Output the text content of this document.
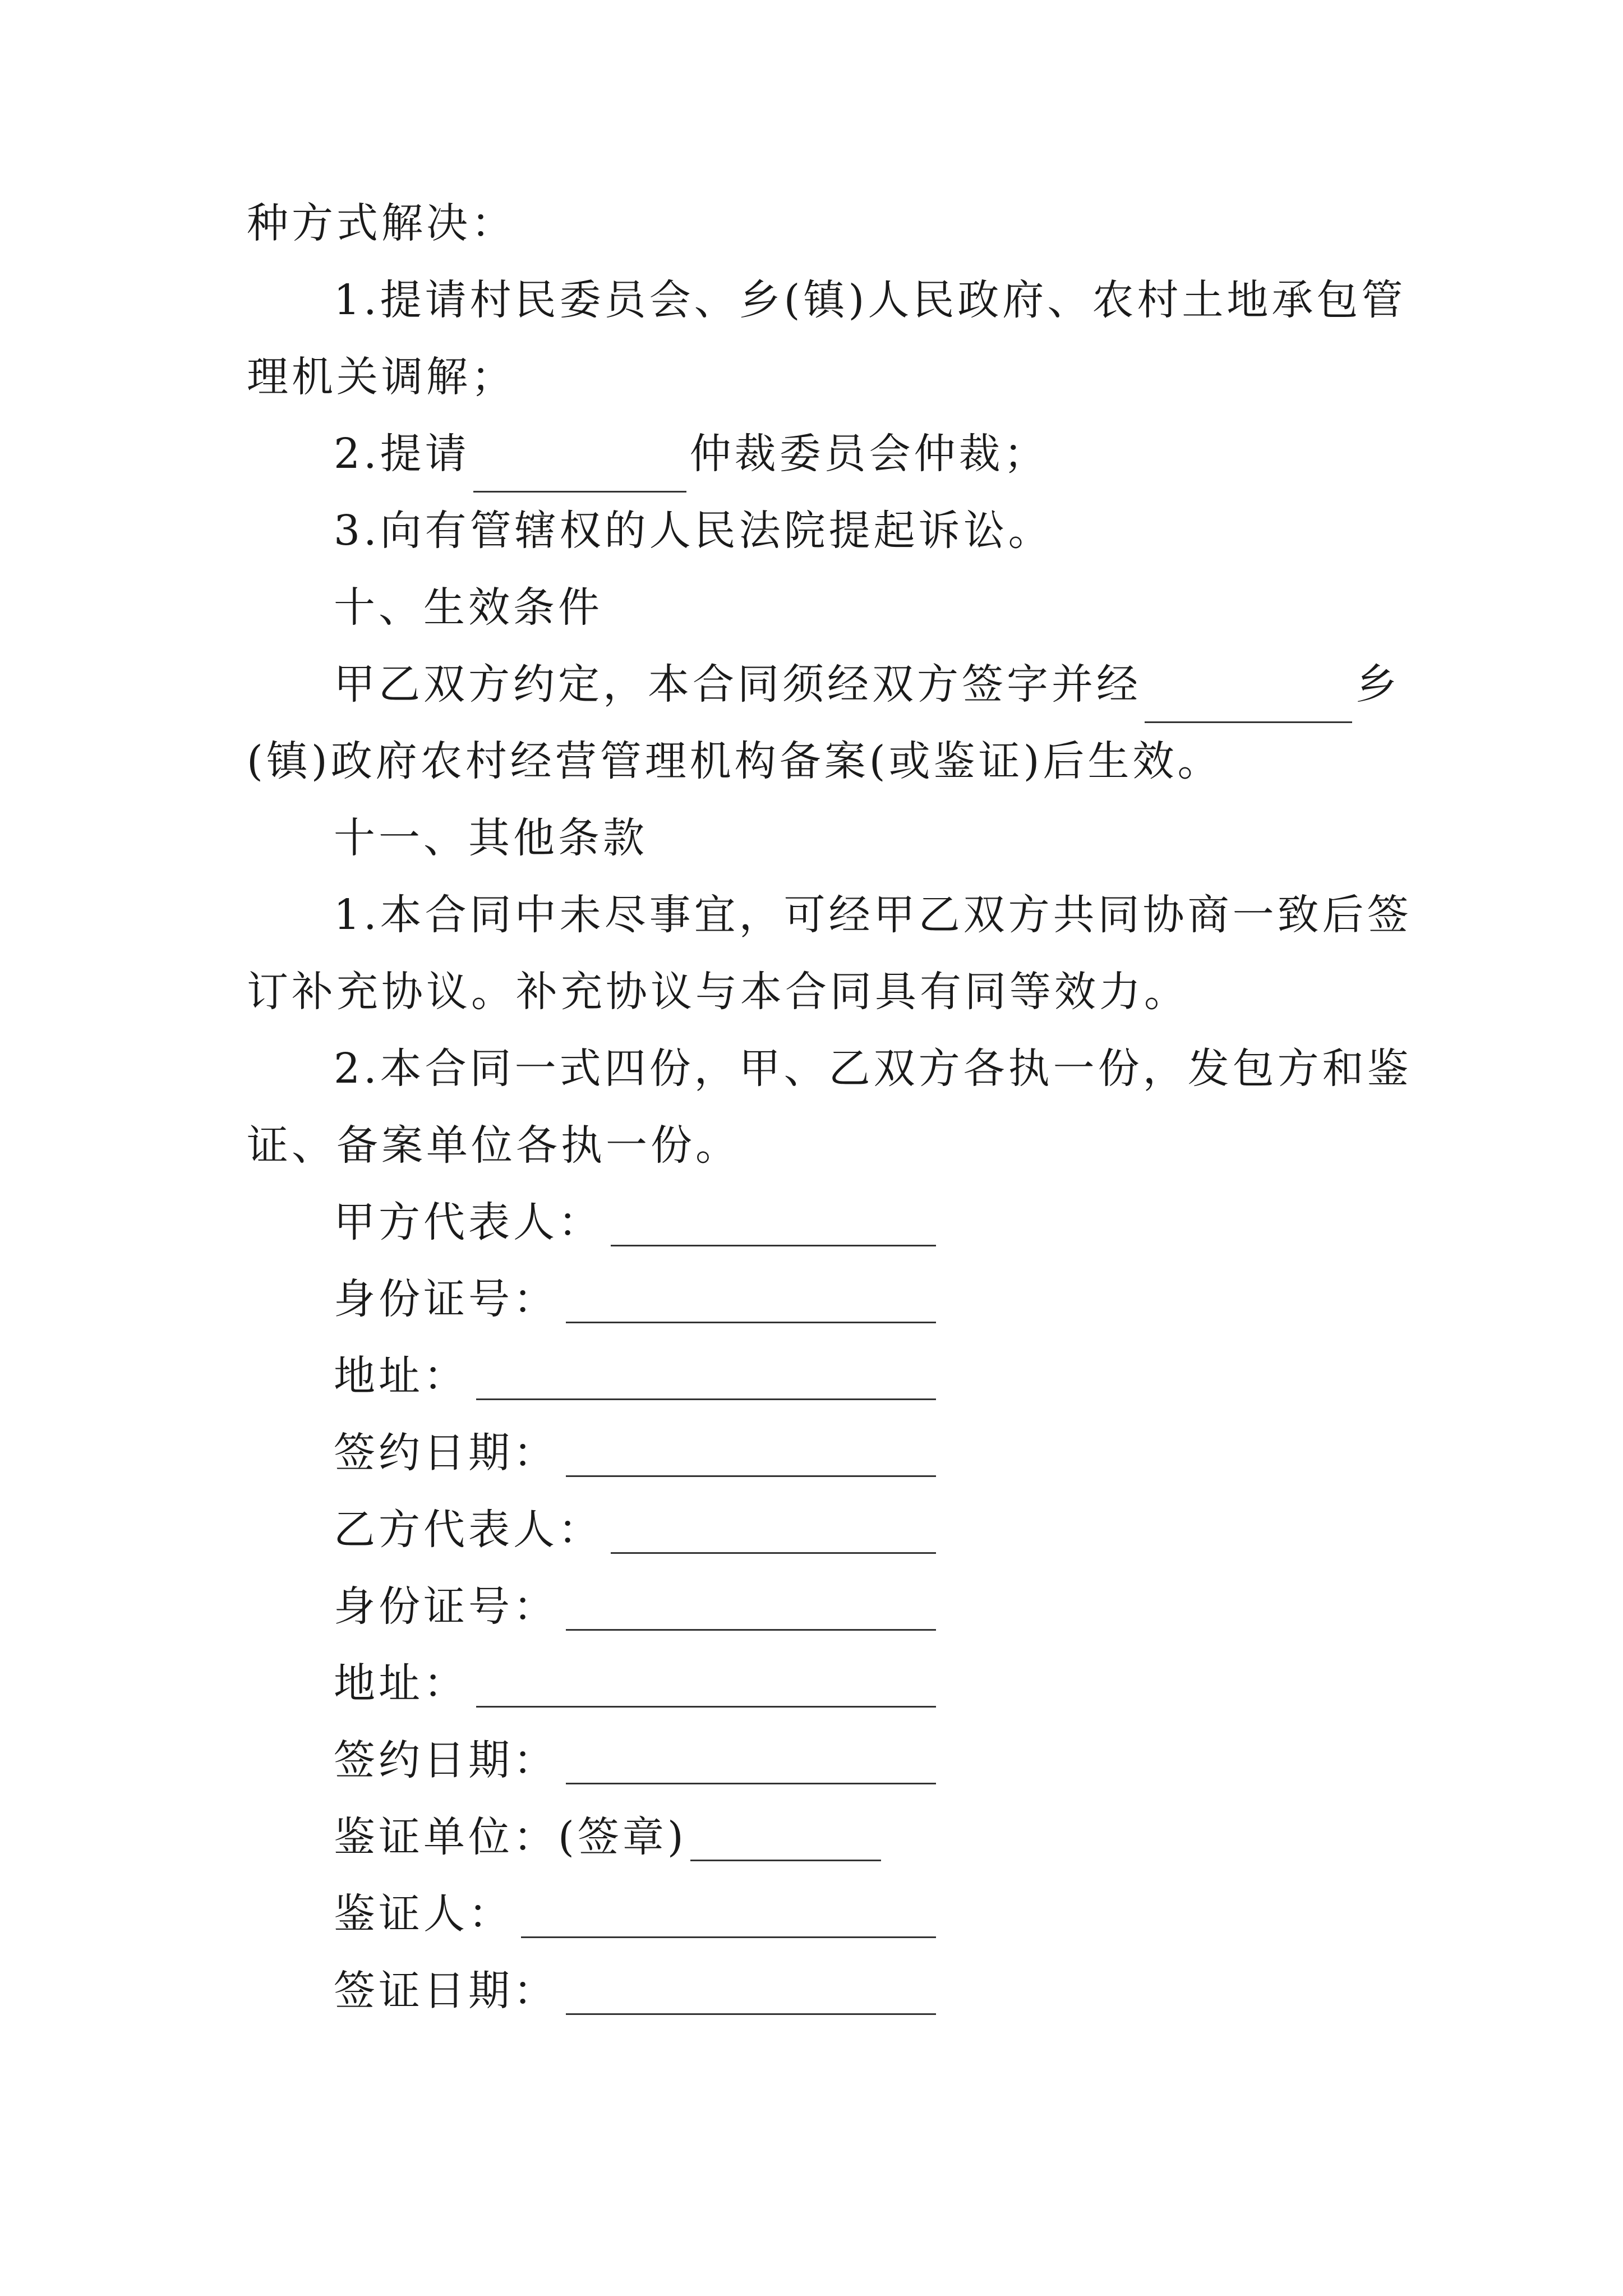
种方式解决：
1.提请村民委员会、乡(镇)人民政府、农村土地承包管
理机关调解；
2.提请	仲裁委员会仲裁；
3.向有管辖权的人民法院提起诉讼。
十、生效条件
甲乙双方约定，本合同须经双方签字并经	乡
(镇)政府农村经营管理机构备案(或鉴证)后生效。
十一、其他条款
1.本合同中未尽事宜，可经甲乙双方共同协商一致后签
订补充协议。补充协议与本合同具有同等效力。
2.本合同一式四份，甲、乙双方各执一份，发包方和鉴
证、备案单位各执一份。
甲方代表人：
身份证号：
地址：
签约日期：
乙方代表人：
身份证号：
地址：
签约日期：
鉴证单位：(签章)
鉴证人：
签证日期：
